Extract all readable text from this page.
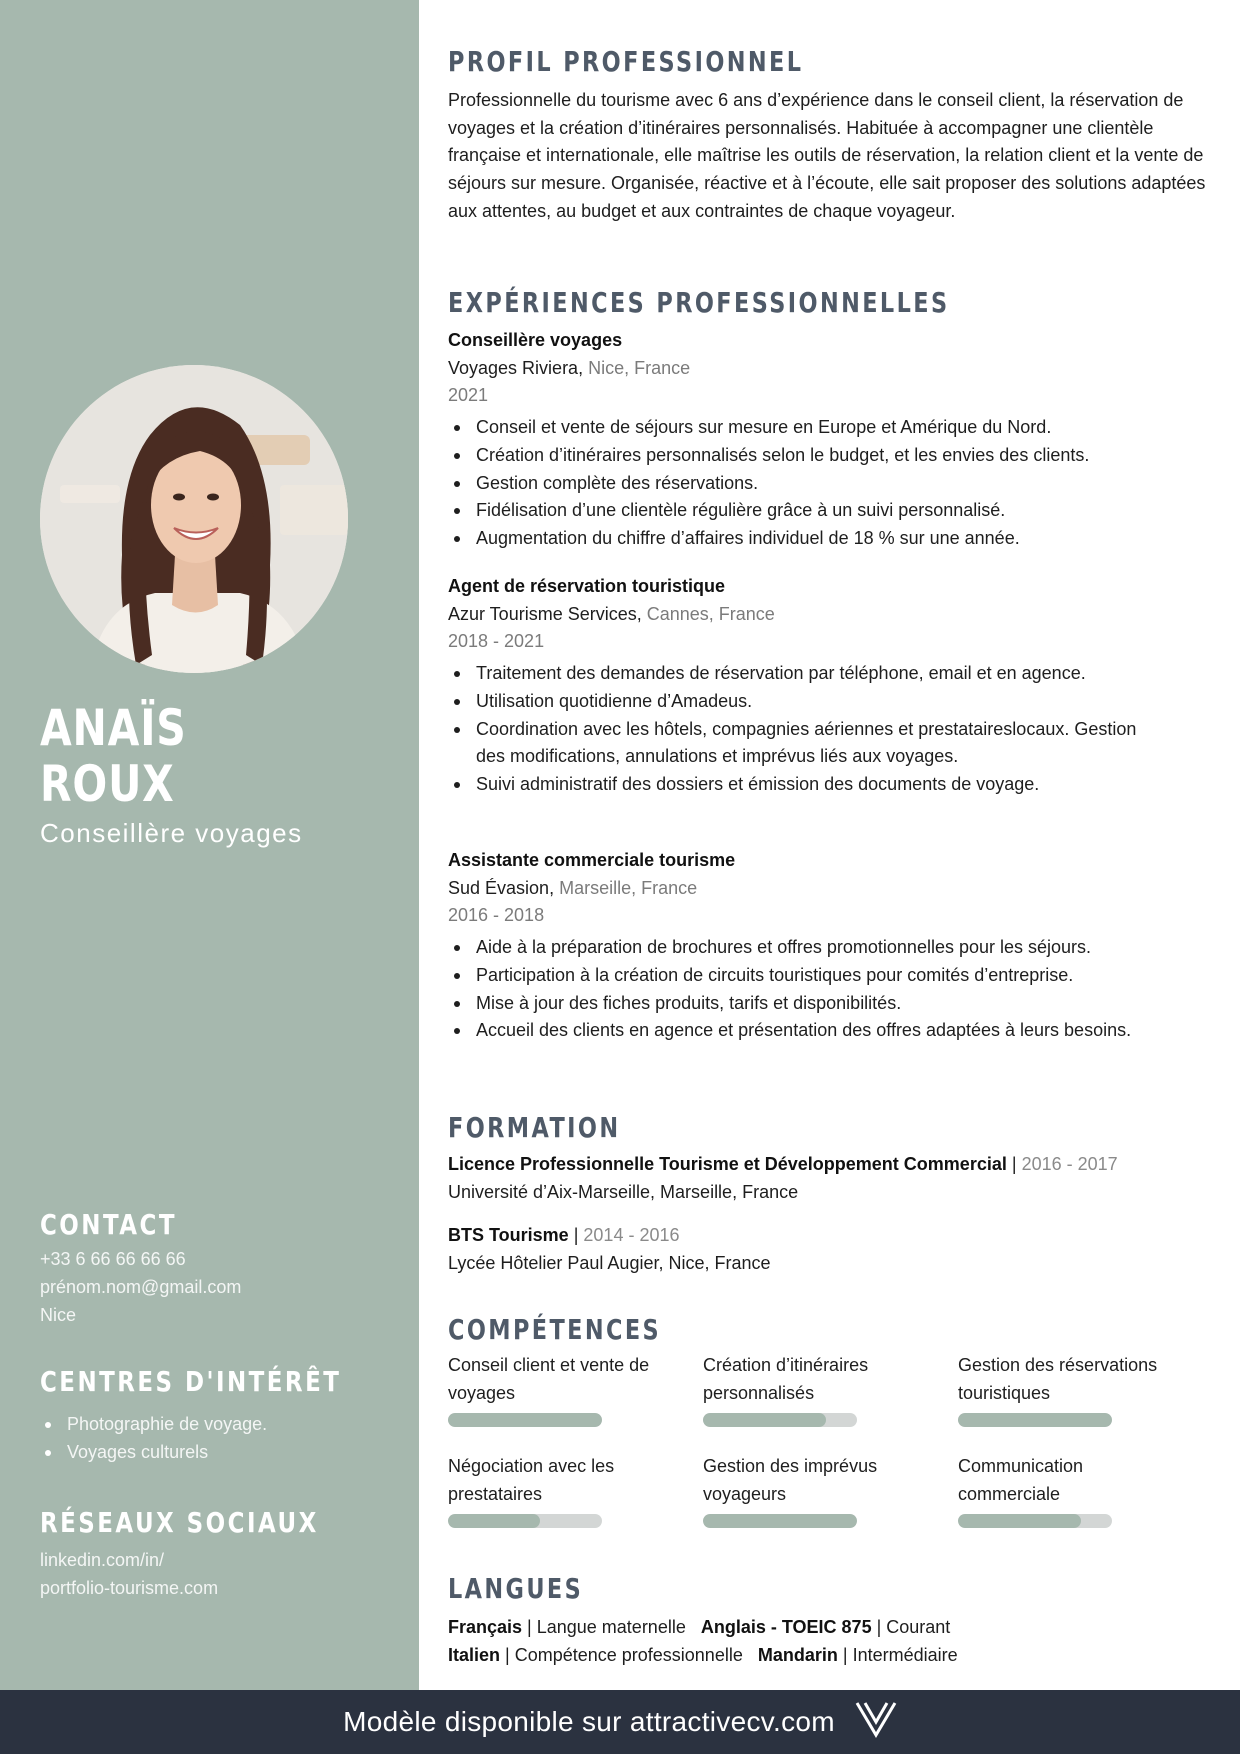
ANAÏS
ROUX
Conseillère voyages
CONTACT
+33 6 66 66 66 66
prénom.nom@gmail.com
Nice
CENTRES D'INTÉRÊT
Photographie de voyage.
Voyages culturels
RÉSEAUX SOCIAUX
linkedin.com/in/
portfolio-tourisme.com
PROFIL PROFESSIONNEL
Professionnelle du tourisme avec 6 ans d’expérience dans le conseil client, la réservation de voyages et la création d’itinéraires personnalisés. Habituée à accompagner une clientèle française et internationale, elle maîtrise les outils de réservation, la relation client et la vente de séjours sur mesure. Organisée, réactive et à l’écoute, elle sait proposer des solutions adaptées aux attentes, au budget et aux contraintes de chaque voyageur.
EXPÉRIENCES PROFESSIONNELLES
Conseillère voyages
Voyages Riviera, Nice, France
2021
Conseil et vente de séjours sur mesure en Europe et Amérique du Nord.
Création d’itinéraires personnalisés selon le budget, et les envies des clients.
Gestion complète des réservations.
Fidélisation d’une clientèle régulière grâce à un suivi personnalisé.
Augmentation du chiffre d’affaires individuel de 18 % sur une année.
Agent de réservation touristique
Azur Tourisme Services, Cannes, France
2018 - 2021
Traitement des demandes de réservation par téléphone, email et en agence.
Utilisation quotidienne d’Amadeus.
Coordination avec les hôtels, compagnies aériennes et prestataireslocaux. Gestion des modifications, annulations et imprévus liés aux voyages.
Suivi administratif des dossiers et émission des documents de voyage.
Assistante commerciale tourisme
Sud Évasion, Marseille, France
2016 - 2018
Aide à la préparation de brochures et offres promotionnelles pour les séjours.
Participation à la création de circuits touristiques pour comités d’entreprise.
Mise à jour des fiches produits, tarifs et disponibilités.
Accueil des clients en agence et présentation des offres adaptées à leurs besoins.
FORMATION
Licence Professionnelle Tourisme et Développement Commercial | 2016 - 2017
Université d’Aix-Marseille, Marseille, France
BTS Tourisme | 2014 - 2016
Lycée Hôtelier Paul Augier, Nice, France
COMPÉTENCES
Conseil client et vente de voyages
Création d’itinéraires personnalisés
Gestion des réservations touristiques
Négociation avec les prestataires
Gestion des imprévus voyageurs
Communication commerciale
LANGUES
Français | Langue maternelle Anglais - TOEIC 875 | Courant
Italien | Compétence professionnelle Mandarin | Intermédiaire
Modèle disponible sur attractivecv.com
